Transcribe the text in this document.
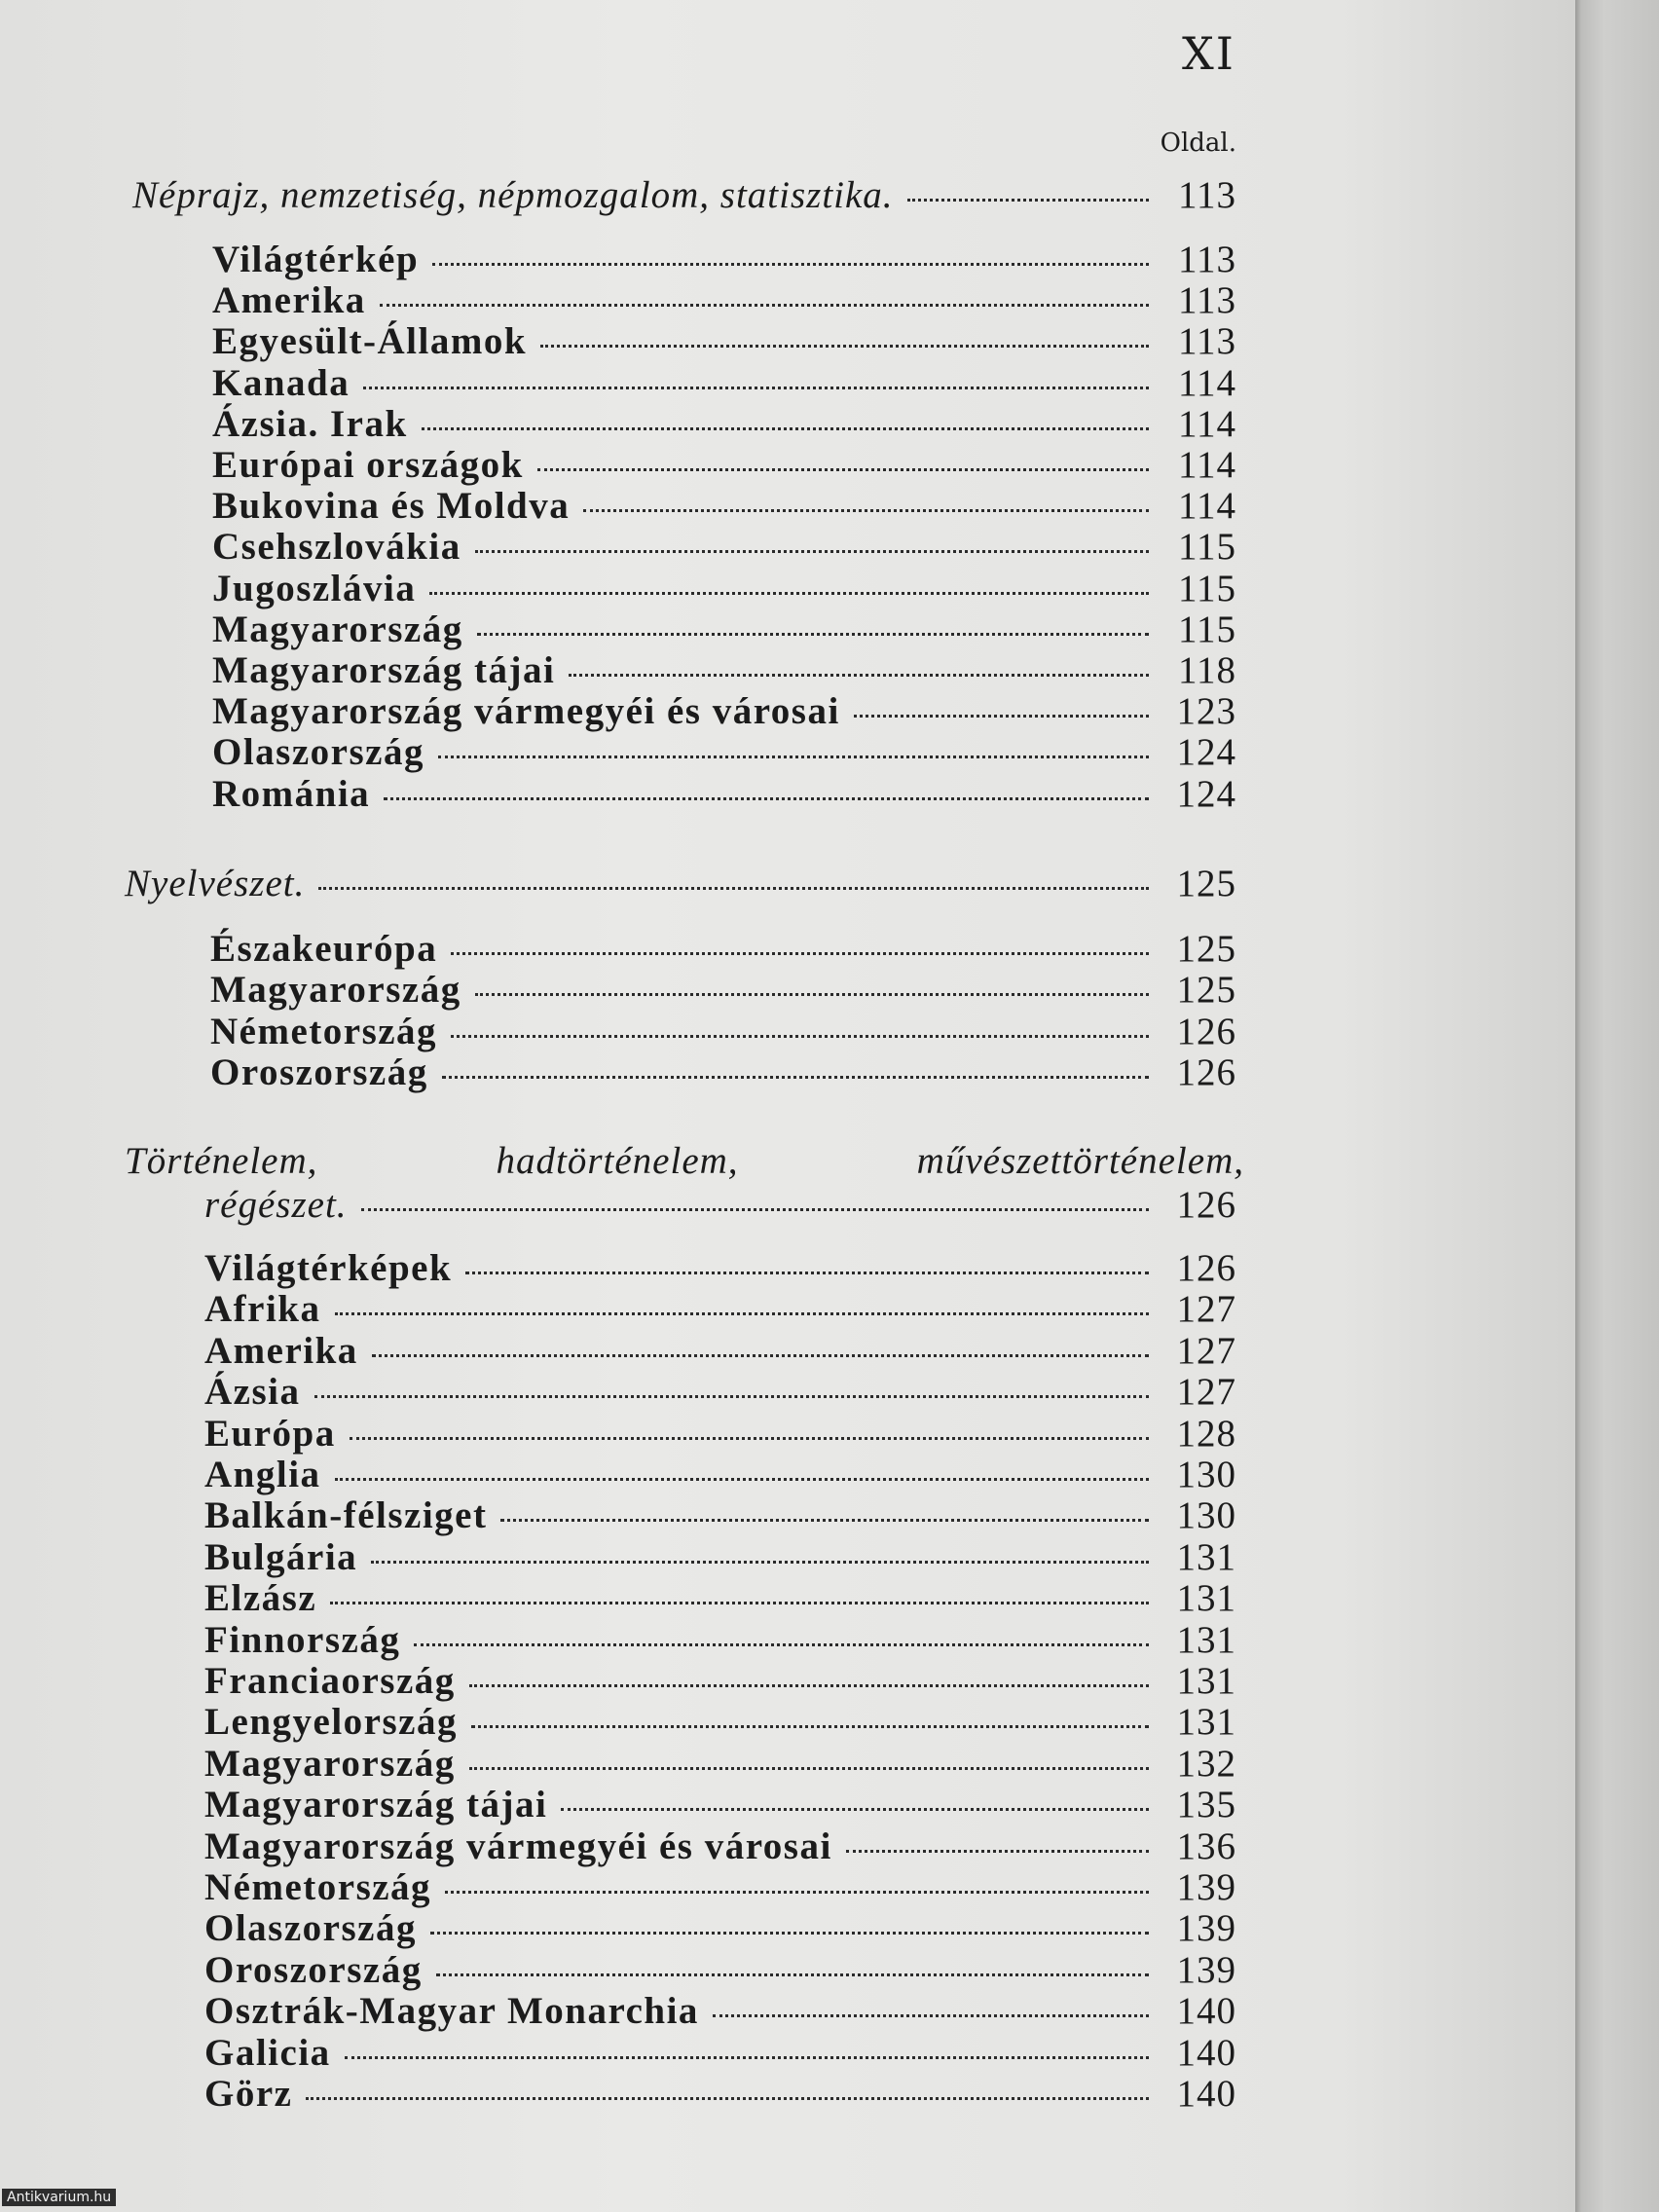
XI
Oldal.
Néprajz, nemzetiség, népmozgalom, statisztika.	113
Világtérkép	113
Amerika	113
Egyesült-Államok	113
Kanada	114
Ázsia. Irak	114
Európai országok	114
Bukovina és Moldva	114
Csehszlovákia	115
Jugoszlávia	115
Magyarország	115
Magyarország tájai	118
Magyarország vármegyéi és városai	123
Olaszország	124
Románia	124
Nyelvészet.	125
Északeurópa	125
Magyarország	125
Németország	126
Oroszország	126
Történelem,	hadtörténelem,	művészettörténelem,
régészet.	126
Világtérképek	126
Afrika	127
Amerika	127
Ázsia	127
Európa	128
Anglia	130
Balkán-félsziget	130
Bulgária	131
Elzász	131
Finnország	131
Franciaország	131
Lengyelország	131
Magyarország	132
Magyarország tájai	135
Magyarország vármegyéi és városai	136
Németország	139
Olaszország	139
Oroszország	139
Osztrák-Magyar Monarchia	140
Galicia	140
Görz	140
Antikvarium.hu
